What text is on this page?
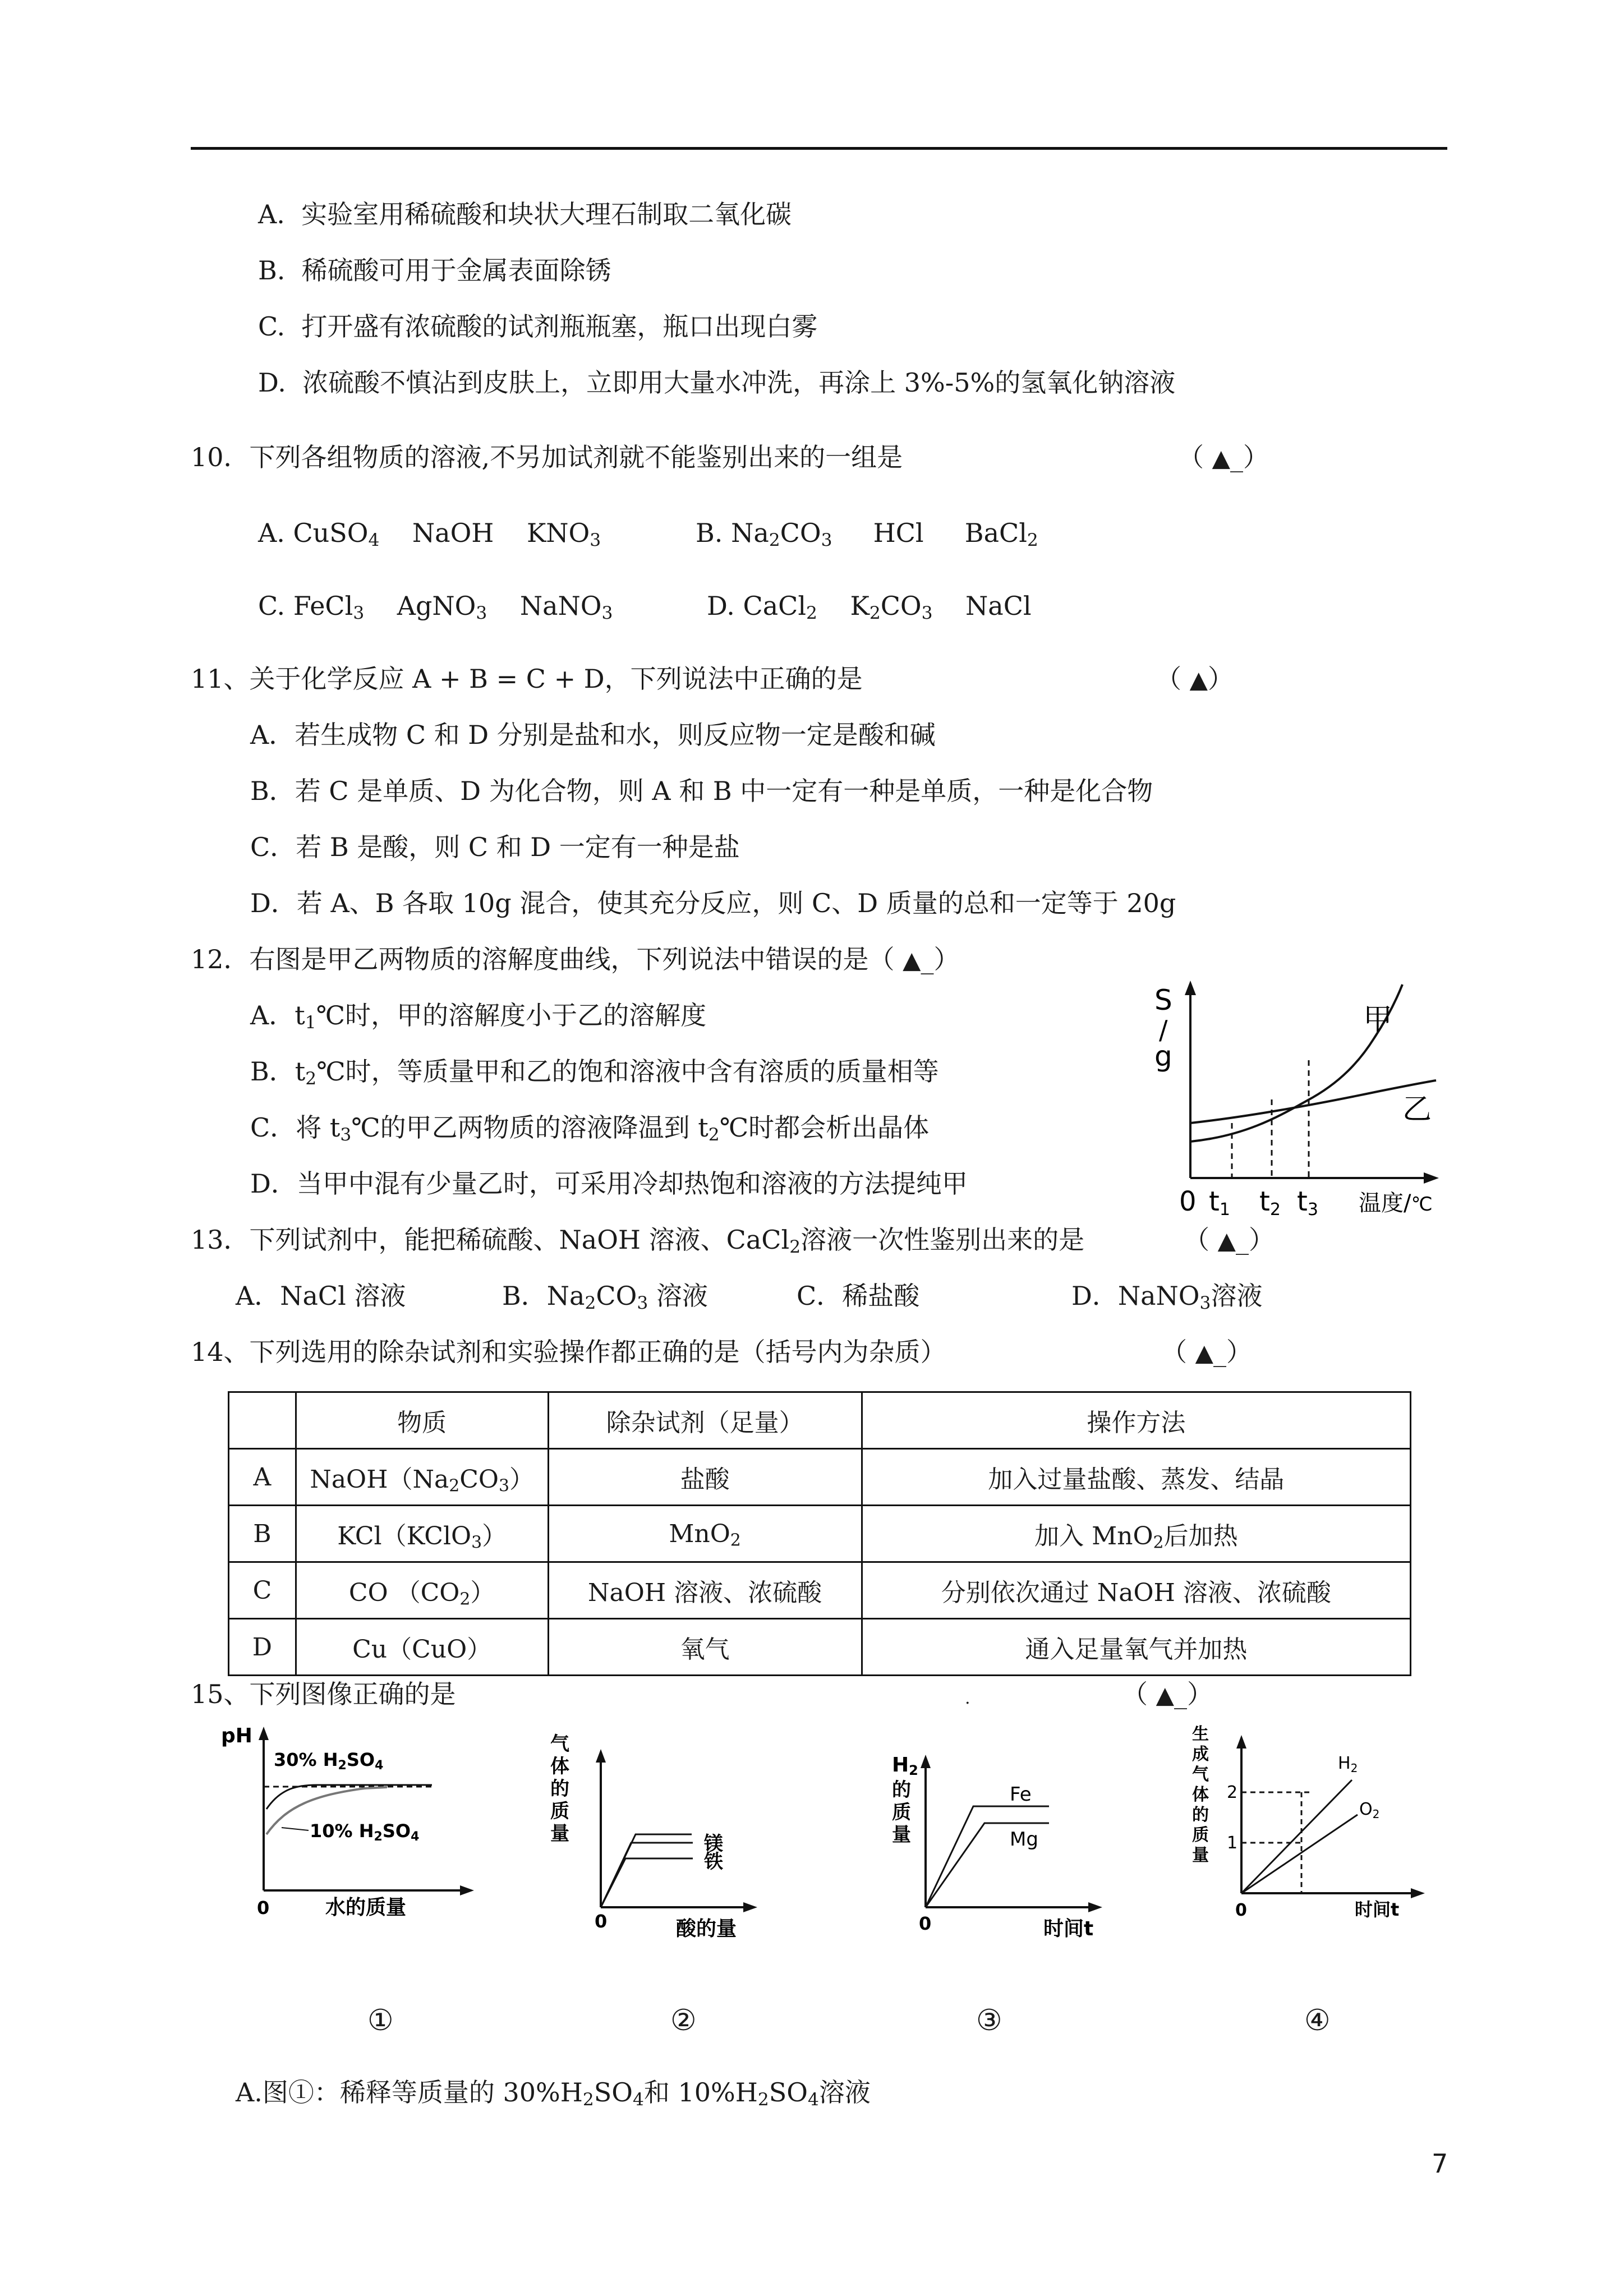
A.  实验室用稀硫酸和块状大理石制取二氧化碳
B.  稀硫酸可用于金属表面除锈
C.  打开盛有浓硫酸的试剂瓶瓶塞，瓶口出现白雾
D.  浓硫酸不慎沾到皮肤上，立即用大量水冲洗，再涂上 3%-5%的氢氧化钠溶液
10．下列各组物质的溶液,不另加试剂就不能鉴别出来的一组是	（ ▲_）
A. CuSO$_4$ NaOH $KNO_3$	B. $Na_2CO_3$ HCl BaCl$_2$
C. FeCl$_3$ AgNO$_3$ NaNO$_3$	D. CaCl$_2$ $K_2CO_3$ NaCl
11、关于化学反应 A + B = C + D，下列说法中正确的是	（ ▲）
A．若生成物 C 和 D 分别是盐和水，则反应物一定是酸和碱
B．若 C 是单质、D 为化合物，则 A 和 B 中一定有一种是单质，一种是化合物
C．若 B 是酸，则 C 和 D 一定有一种是盐
D．若 A、B 各取 10g 混合，使其充分反应，则 C、D 质量的总和一定等于 20g
12．右图是甲乙两物质的溶解度曲线，下列说法中错误的是（ ▲_）
A．$t_1℃$时，甲的溶解度小于乙的溶解度
B．$t_2℃$时，等质量甲和乙的饱和溶液中含有溶质的质量相等
C．将 $t_3℃$的甲乙两物质的溶液降温到 $t_2℃$时都会析出晶体
D．当甲中混有少量乙时，可采用冷却热饱和溶液的方法提纯甲
S
/
g
甲
乙
0 t1 t2 t3 温度/℃
13．下列试剂中，能把稀硫酸、NaOH 溶液、CaCl$_2$溶液一次性鉴别出来的是	（ ▲_）
A．NaCl 溶液	B．$Na_2CO_3$ 溶液	C．稀盐酸	D．NaNO$_3$溶液
14、下列选用的除杂试剂和实验操作都正确的是（括号内为杂质）	（ ▲_）
	物质	除杂试剂（足量）	操作方法
A	$NaOH(Na_2CO_3)$	盐酸	加入过量盐酸、蒸发、结晶
B	KCl（KClO$_3$）	MnO$_2$	加入 MnO$_2$后加热
C	CO $(CO_2)$	NaOH 溶液、浓硫酸	分别依次通过 NaOH 溶液、浓硫酸
D	Cu（CuO）	氧气	通入足量氧气并加热
15、下列图像正确的是	.	（ ▲_）
pH
30% H2SO4
10% H2SO4
0	水的质量
气
体
的
质
量	镁
铁
0	酸的量
H2
的
质
量
Fe
Mg
0	时间t
生
成
气
体
的
质
量
2
1
$H_2$
$O_2$
0	时间t
①	②	③	④
A.图①：稀释等质量的 $30\%H_2SO_4$和 $10\%H_2SO_4$溶液
7
